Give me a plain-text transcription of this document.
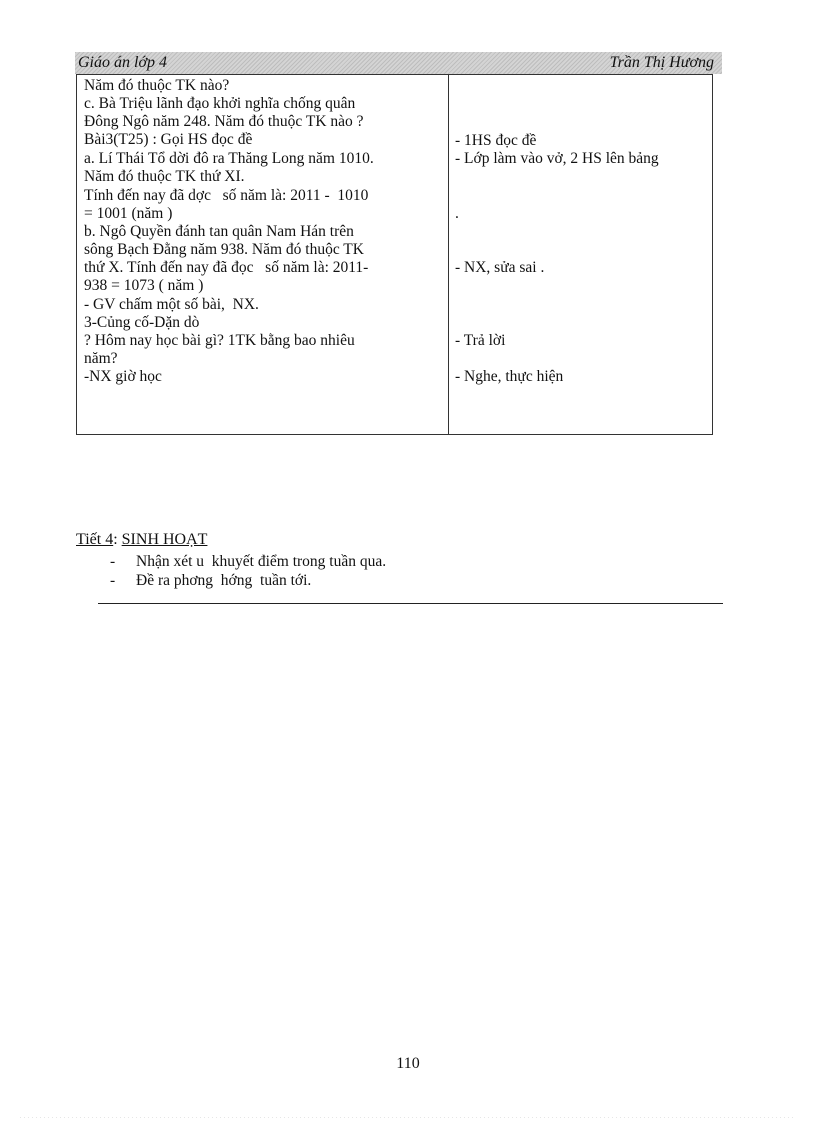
Giáo án lớp 4	Trần Thị Hương
Năm đó thuộc TK nào?
c. Bà Triệu lãnh đạo khởi nghĩa chống quân
Đông Ngô năm 248. Năm đó thuộc TK nào ?
Bài3(T25) : Gọi HS đọc đề
a. Lí Thái Tổ dời đô ra Thăng Long năm 1010.
Năm đó thuộc TK thứ XI.
Tính đến nay đã dợc   số năm là: 2011 -  1010
= 1001 (năm )
b. Ngô Quyền đánh tan quân Nam Hán trên
sông Bạch Đằng năm 938. Năm đó thuộc TK
thứ X. Tính đến nay đã đọc   số năm là: 2011-
938 = 1073 ( năm )
- GV chấm một số bài,  NX.
3-Củng cố-Dặn dò
? Hôm nay học bài gì? 1TK bằng bao nhiêu
năm?
-NX giờ học
- 1HS đọc đề
- Lớp làm vào vở, 2 HS lên bảng
.
- NX, sửa sai .
- Trả lời
- Nghe, thực hiện
Tiết 4: SINH HOẠT
- Nhận xét u  khuyết điểm trong tuần qua.
- Đề ra phơng  hớng  tuần tới.
110
